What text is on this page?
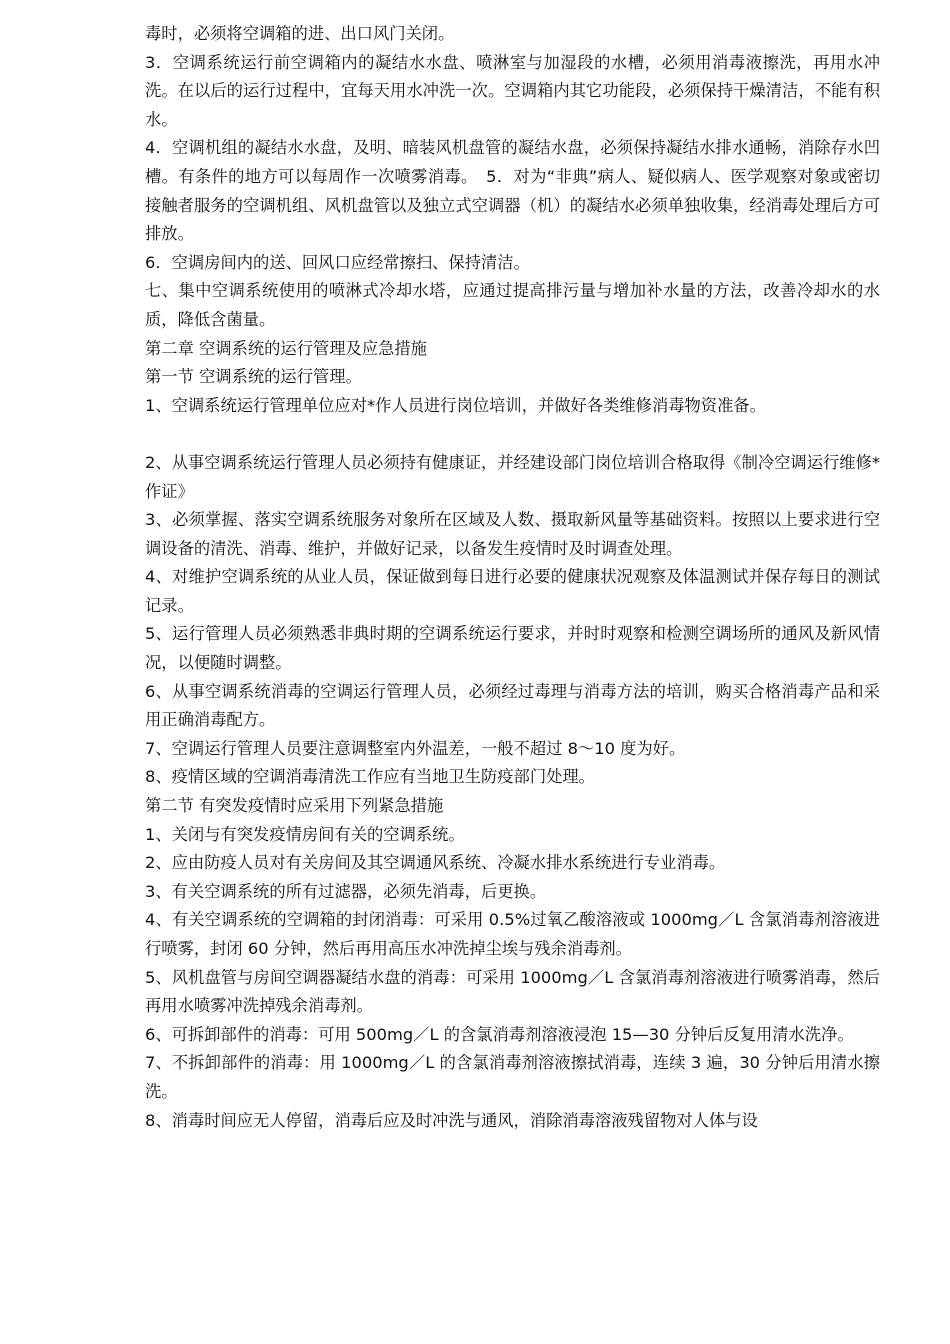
毒时，必须将空调箱的进、出口风门关闭。

3．空调系统运行前空调箱内的凝结水水盘、喷淋室与加湿段的水槽，必须用消毒液擦洗，再用水冲洗。在以后的运行过程中，宜每天用水冲洗一次。空调箱内其它功能段，必须保持干燥清洁，不能有积水。

4．空调机组的凝结水水盘，及明、暗装风机盘管的凝结水盘，必须保持凝结水排水通畅，消除存水凹槽。有条件的地方可以每周作一次喷雾消毒。　5．对为“非典”病人、疑似病人、医学观察对象或密切接触者服务的空调机组、风机盘管以及独立式空调器（机）的凝结水必须单独收集，经消毒处理后方可排放。

6．空调房间内的送、回风口应经常擦扫、保持清洁。

七、集中空调系统使用的喷淋式冷却水塔，应通过提高排污量与增加补水量的方法，改善冷却水的水质，降低含菌量。

第二章 空调系统的运行管理及应急措施

第一节 空调系统的运行管理。

1、空调系统运行管理单位应对*作人员进行岗位培训，并做好各类维修消毒物资准备。

2、从事空调系统运行管理人员必须持有健康证，并经建设部门岗位培训合格取得《制冷空调运行维修*作证》

3、必须掌握、落实空调系统服务对象所在区域及人数、摄取新风量等基础资料。按照以上要求进行空调设备的清洗、消毒、维护，并做好记录，以备发生疫情时及时调查处理。

4、对维护空调系统的从业人员，保证做到每日进行必要的健康状况观察及体温测试并保存每日的测试记录。

5、运行管理人员必须熟悉非典时期的空调系统运行要求，并时时观察和检测空调场所的通风及新风情况，以便随时调整。

6、从事空调系统消毒的空调运行管理人员，必须经过毒理与消毒方法的培训，购买合格消毒产品和采用正确消毒配方。

7、空调运行管理人员要注意调整室内外温差，一般不超过 8～10 度为好。

8、疫情区域的空调消毒清洗工作应有当地卫生防疫部门处理。

第二节 有突发疫情时应采用下列紧急措施

1、关闭与有突发疫情房间有关的空调系统。

2、应由防疫人员对有关房间及其空调通风系统、冷凝水排水系统进行专业消毒。

3、有关空调系统的所有过滤器，必须先消毒，后更换。

4、有关空调系统的空调箱的封闭消毒：可采用 0.5%过氧乙酸溶液或 1000mg／L 含氯消毒剂溶液进行喷雾，封闭 60 分钟，然后再用高压水冲洗掉尘埃与残余消毒剂。

5、风机盘管与房间空调器凝结水盘的消毒：可采用 1000mg／L 含氯消毒剂溶液进行喷雾消毒，然后再用水喷雾冲洗掉残余消毒剂。

6、可拆卸部件的消毒：可用 500mg／L 的含氯消毒剂溶液浸泡 15—30 分钟后反复用清水洗净。

7、不拆卸部件的消毒：用 1000mg／L 的含氯消毒剂溶液擦拭消毒，连续 3 遍，30 分钟后用清水擦洗。

8、消毒时间应无人停留，消毒后应及时冲洗与通风，消除消毒溶液残留物对人体与设
